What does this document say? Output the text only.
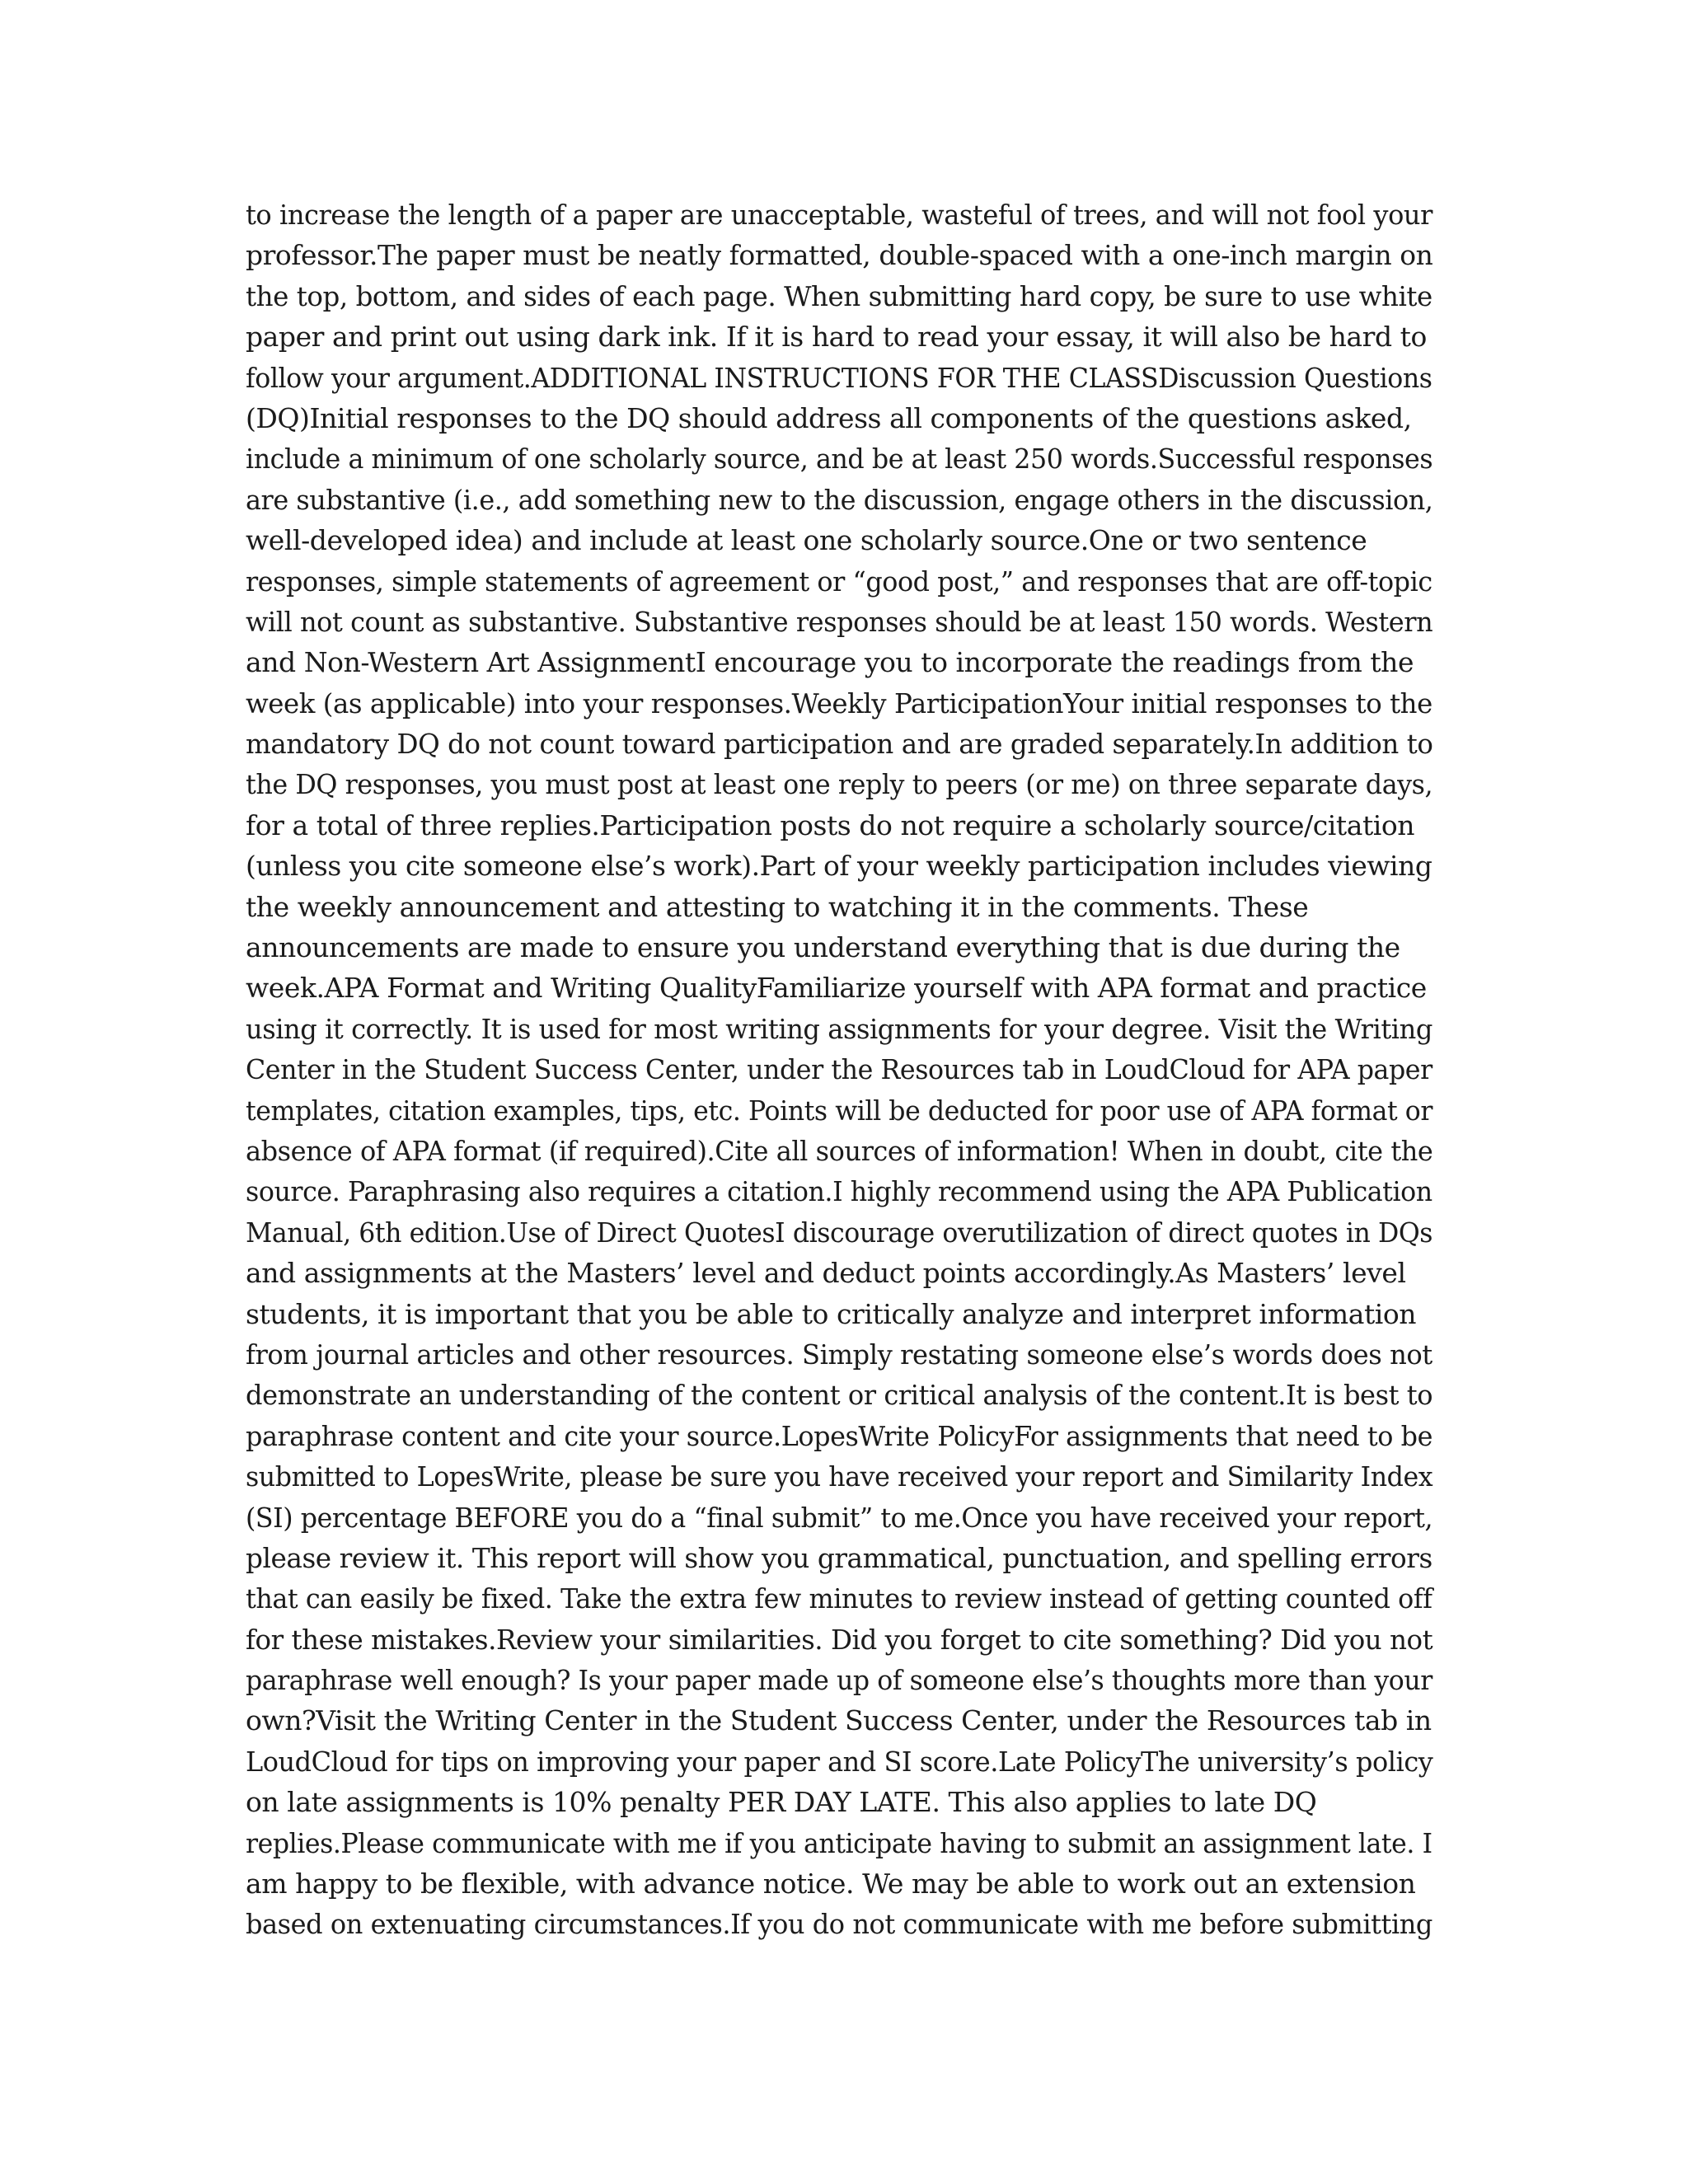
to increase the length of a paper are unacceptable, wasteful of trees, and will not fool your
professor.The paper must be neatly formatted, double-spaced with a one-inch margin on
the top, bottom, and sides of each page. When submitting hard copy, be sure to use white
paper and print out using dark ink. If it is hard to read your essay, it will also be hard to
follow your argument.ADDITIONAL INSTRUCTIONS FOR THE CLASSDiscussion Questions
(DQ)Initial responses to the DQ should address all components of the questions asked,
include a minimum of one scholarly source, and be at least 250 words.Successful responses
are substantive (i.e., add something new to the discussion, engage others in the discussion,
well-developed idea) and include at least one scholarly source.One or two sentence
responses, simple statements of agreement or “good post,” and responses that are off-topic
will not count as substantive. Substantive responses should be at least 150 words. Western
and Non-Western Art AssignmentI encourage you to incorporate the readings from the
week (as applicable) into your responses.Weekly ParticipationYour initial responses to the
mandatory DQ do not count toward participation and are graded separately.In addition to
the DQ responses, you must post at least one reply to peers (or me) on three separate days,
for a total of three replies.Participation posts do not require a scholarly source/citation
(unless you cite someone else’s work).Part of your weekly participation includes viewing
the weekly announcement and attesting to watching it in the comments. These
announcements are made to ensure you understand everything that is due during the
week.APA Format and Writing QualityFamiliarize yourself with APA format and practice
using it correctly. It is used for most writing assignments for your degree. Visit the Writing
Center in the Student Success Center, under the Resources tab in LoudCloud for APA paper
templates, citation examples, tips, etc. Points will be deducted for poor use of APA format or
absence of APA format (if required).Cite all sources of information! When in doubt, cite the
source. Paraphrasing also requires a citation.I highly recommend using the APA Publication
Manual, 6th edition.Use of Direct QuotesI discourage overutilization of direct quotes in DQs
and assignments at the Masters’ level and deduct points accordingly.As Masters’ level
students, it is important that you be able to critically analyze and interpret information
from journal articles and other resources. Simply restating someone else’s words does not
demonstrate an understanding of the content or critical analysis of the content.It is best to
paraphrase content and cite your source.LopesWrite PolicyFor assignments that need to be
submitted to LopesWrite, please be sure you have received your report and Similarity Index
(SI) percentage BEFORE you do a “final submit” to me.Once you have received your report,
please review it. This report will show you grammatical, punctuation, and spelling errors
that can easily be fixed. Take the extra few minutes to review instead of getting counted off
for these mistakes.Review your similarities. Did you forget to cite something? Did you not
paraphrase well enough? Is your paper made up of someone else’s thoughts more than your
own?Visit the Writing Center in the Student Success Center, under the Resources tab in
LoudCloud for tips on improving your paper and SI score.Late PolicyThe university’s policy
on late assignments is 10% penalty PER DAY LATE. This also applies to late DQ
replies.Please communicate with me if you anticipate having to submit an assignment late. I
am happy to be flexible, with advance notice. We may be able to work out an extension
based on extenuating circumstances.If you do not communicate with me before submitting
